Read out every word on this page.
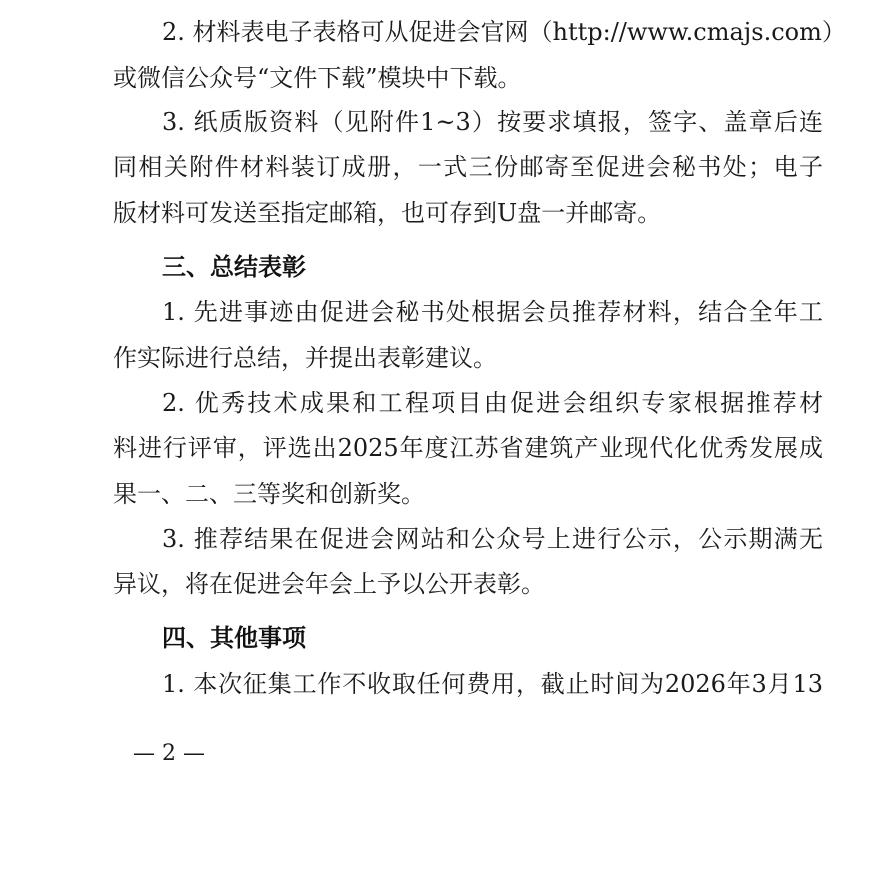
2. 材料表电子表格可从促进会官网（http://www.cmajs.com）
或微信公众号“文件下载”模块中下载。
3. 纸质版资料（见附件1~3）按要求填报，签字、盖章后连
同相关附件材料装订成册，一式三份邮寄至促进会秘书处；电子
版材料可发送至指定邮箱，也可存到U盘一并邮寄。
三、总结表彰
1. 先进事迹由促进会秘书处根据会员推荐材料，结合全年工
作实际进行总结，并提出表彰建议。
2. 优秀技术成果和工程项目由促进会组织专家根据推荐材
料进行评审，评选出2025年度江苏省建筑产业现代化优秀发展成
果一、二、三等奖和创新奖。
3. 推荐结果在促进会网站和公众号上进行公示，公示期满无
异议，将在促进会年会上予以公开表彰。
四、其他事项
1. 本次征集工作不收取任何费用，截止时间为2026年3月13
— 2 —
